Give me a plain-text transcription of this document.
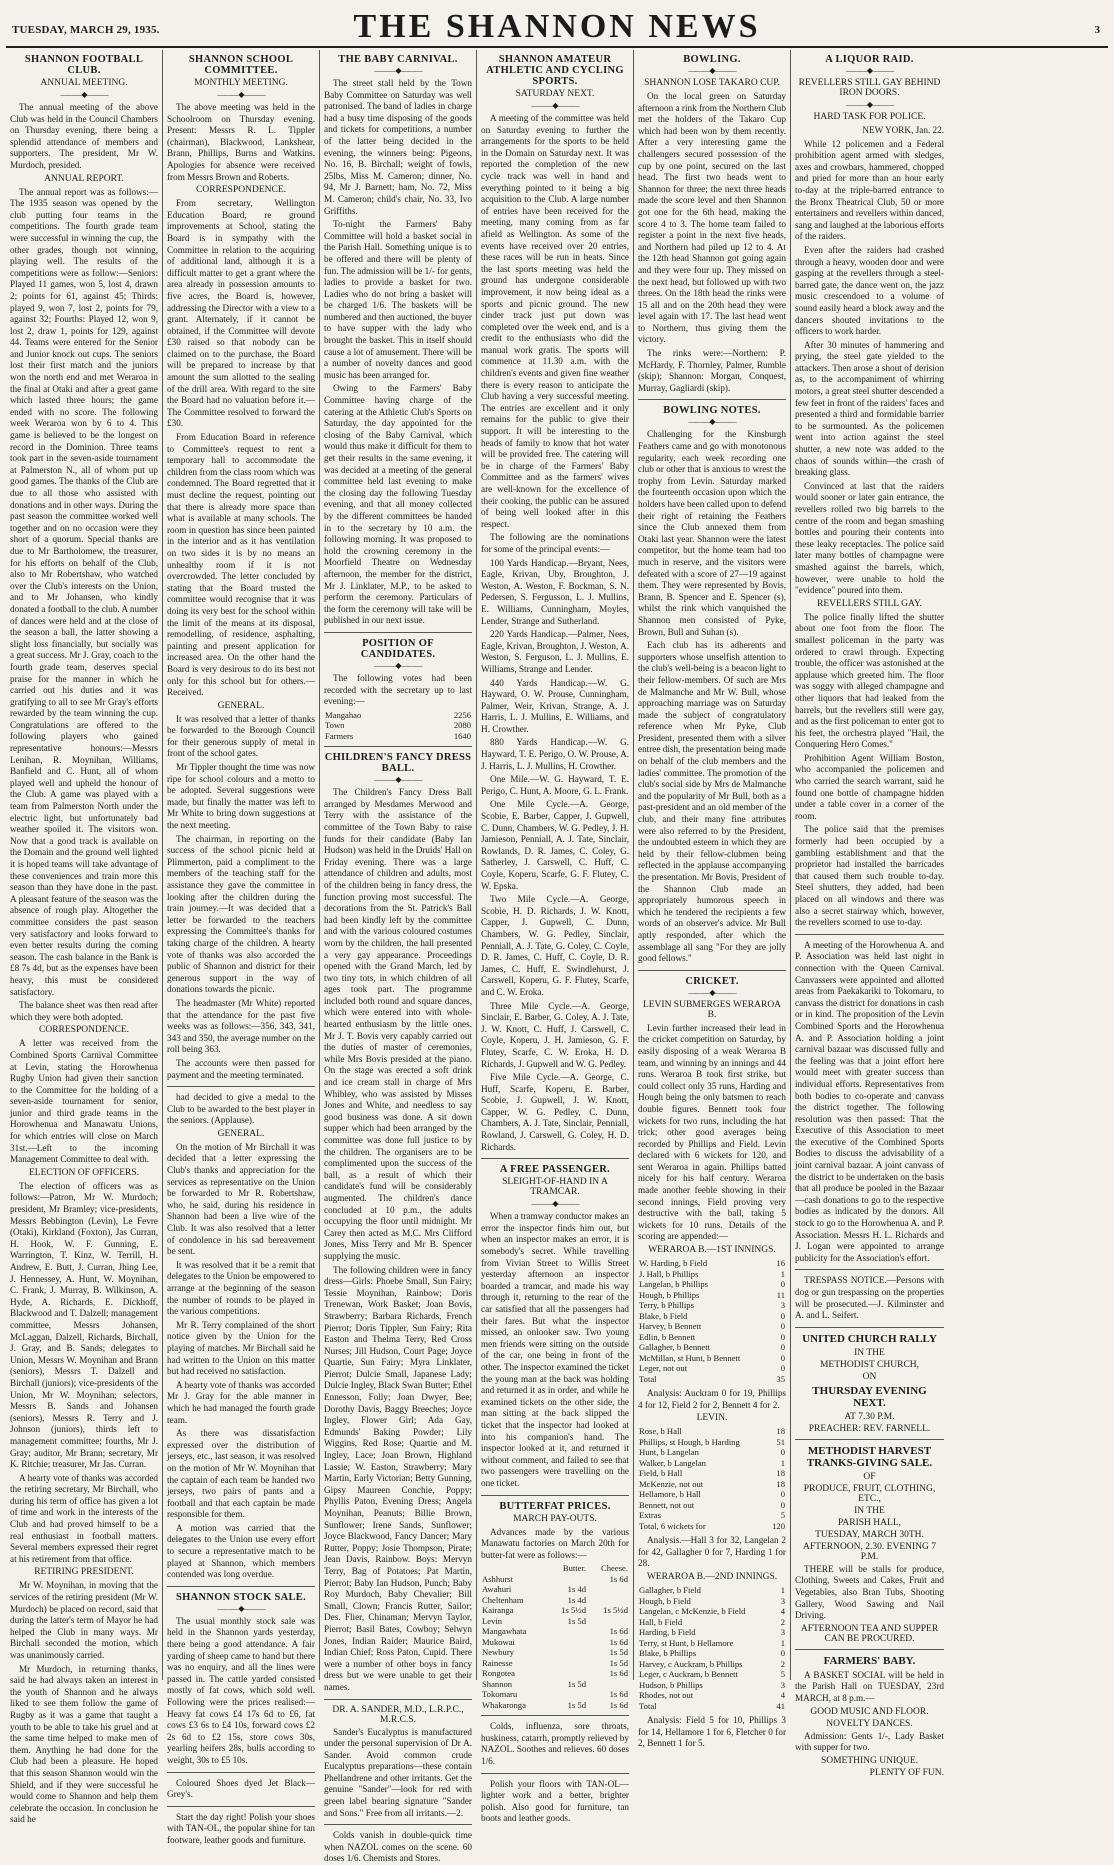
TUESDAY, MARCH 29, 1935.	THE SHANNON NEWS	3
SHANNON FOOTBALL CLUB.
ANNUAL MEETING.
———◆———

The annual meeting of the above Club was held in the Council Chambers on Thursday evening, there being a splendid attendance of members and supporters. The president, Mr W. Murdoch, presided.

ANNUAL REPORT.

The annual report was as follows:—The 1935 season was opened by the club putting four teams in the competitions. The fourth grade team were successful in winning the cup, the other grades, though not winning, playing well. The results of the competitions were as follow:—Seniors: Played 11 games, won 5, lost 4, drawn 2; points for 61, against 45; Thirds: played 9, won 7, lost 2, points for 79, against 32; Fourths: Played 12, won 9, lost 2, draw 1, points for 129, against 44. Teams were entered for the Senior and Junior knock out cups. The seniors lost their first match and the juniors won the north end and met Weraroa in the final at Otaki and after a great game which lasted three hours; the game ended with no score. The following week Weraroa won by 6 to 4. This game is believed to be the longest on record in the Dominion. Three teams took part in the seven-aside tournament at Palmerston N., all of whom put up good games. The thanks of the Club are due to all those who assisted with donations and in other ways. During the past season the committee worked well together and on no occasion were they short of a quorum. Special thanks are due to Mr Bartholomew, the treasurer, for his efforts on behalf of the Club, also to Mr Robertshaw, who watched over the Club's interests on the Union, and to Mr Johansen, who kindly donated a football to the club. A number of dances were held and at the close of the season a ball, the latter showing a slight loss financially, but socially was a great success. Mr J. Gray, coach to the fourth grade team, deserves special praise for the manner in which he carried out his duties and it was gratifying to all to see Mr Gray's efforts rewarded by the team winning the cup. Congratulations are offered to the following players who gained representative honours:—Messrs Lenihan, R. Moynihan, Williams, Banfield and C. Hunt, all of whom played well and upheld the honour of the Club. A game was played with a team from Palmerston North under the electric light, but unfortunately bad weather spoiled it. The visitors won. Now that a good track is available on the Domain and the ground well lighted it is hoped teams will take advantage of these conveniences and train more this season than they have done in the past. A pleasant feature of the season was the absence of rough play. Altogether the committee considers the past season very satisfactory and looks forward to even better results during the coming season. The cash balance in the Bank is £8 7s 4d, but as the expenses have been heavy, this must be considered satisfactory.

The balance sheet was then read after which they were both adopted.

CORRESPONDENCE.

A letter was received from the Combined Sports Carnival Committee at Levin, stating the Horowhenua Rugby Union had given their sanction to the Committee for the holding of a seven-aside tournament for senior, junior and third grade teams in the Horowhenua and Manawatu Unions, for which entries will close on March 31st.—Left to the incoming Management Committee to deal with.

ELECTION OF OFFICERS.

The election of officers was as follows:—Patron, Mr W. Murdoch; president, Mr Bramley; vice-presidents, Messrs Bebbington (Levin), Le Fevre (Otaki), Kirkland (Foxton), Jas Curran, H. Hook, W. F. Gunning, E. Warrington, T. Kinz, W. Terrill, H. Andrew, E. Butt, J. Curran, Jhing Lee, J. Hennessey, A. Hunt, W. Moynihan, C. Frank, J. Murray, B. Wilkinson, A. Hyde, A. Richards, E. Dickhoff, Blackwood and T. Dalzell; management committee, Messrs Johansen, McLaggan, Dalzell, Richards, Birchall, J. Gray, and B. Sands; delegates to Union, Messrs W. Moynihan and Brann (seniors), Messrs T. Dalzell and Birchall (juniors); vice-presidents of the Union, Mr W. Moynihan; selectors, Messrs B. Sands and Johansen (seniors), Messrs R. Terry and J. Johnson (juniors), thirds left to management committee; fourths, Mr J. Gray; auditor, Mr Brann; secretary, Mr K. Ritchie; treasurer, Mr Jas. Curran.

A hearty vote of thanks was accorded the retiring secretary, Mr Birchall, who during his term of office has given a lot of time and work in the interests of the Club and had proved himself to be a real enthusiast in football matters. Several members expressed their regret at his retirement from that office.

RETIRING PRESIDENT.

Mr W. Moynihan, in moving that the services of the retiring president (Mr W. Murdoch) be placed on record, said that during the latter's term of Mayor he had helped the Club in many ways. Mr Birchall seconded the motion, which was unanimously carried.

Mr Murdoch, in returning thanks, said he had always taken an interest in the youth of Shannon and he always liked to see them follow the game of Rugby as it was a game that taught a youth to be able to take his gruel and at the same time helped to make men of them. Anything he had done for the Club had been a pleasure. He hoped that this season Shannon would win the Shield, and if they were successful he would come to Shannon and help them celebrate the occasion. In conclusion he said he

SHANNON SCHOOL COMMITTEE.
MONTHLY MEETING.
———◆———

The above meeting was held in the Schoolroom on Thursday evening. Present: Messrs R. L. Tippler (chairman), Blackwood, Lankshear, Brann, Phillips, Burns and Watkins. Apologies for absence were received from Messrs Brown and Roberts.

CORRESPONDENCE.

From secretary, Wellington Education Board, re ground improvements at School, stating the Board is in sympathy with the Committee in relation to the acquiring of additional land, although it is a difficult matter to get a grant where the area already in possession amounts to five acres, the Board is, however, addressing the Director with a view to a grant. Alternately, if it cannot be obtained, if the Committee will devote £30 raised so that nobody can be claimed on to the purchase, the Board will be prepared to increase by that amount the sum allotted to the sealing of the drill area. With regard to the site the Board had no valuation before it.—The Committee resolved to forward the £30.

From Education Board in reference to Committee's request to rent a temporary hall to accommodate the children from the class room which was condemned. The Board regretted that it must decline the request, pointing out that there is already more space than what is available at many schools. The room in question has since been painted in the interior and as it has ventilation on two sides it is by no means an unhealthy room if it is not overcrowded. The letter concluded by stating that the Board trusted the committee would recognise that it was doing its very best for the school within the limit of the means at its disposal, remodelling, of residence, asphalting, painting and present application for increased area. On the other hand the Board is very desirous to do its best not only for this school but for others.—Received.

GENERAL.

It was resolved that a letter of thanks be forwarded to the Borough Council for their generous supply of metal in front of the school gates.

Mr Tippler thought the time was now ripe for school colours and a motto to be adopted. Several suggestions were made, but finally the matter was left to Mr White to bring down suggestions at the next meeting.

The chairman, in reporting on the success of the school picnic held at Plimmerton, paid a compliment to the members of the teaching staff for the assistance they gave the committee in looking after the children during the train journey.—It was decided that a letter be forwarded to the teachers expressing the Committee's thanks for taking charge of the children. A hearty vote of thanks was also accorded the public of Shannon and district for their generous support in the way of donations towards the picnic.

The headmaster (Mr White) reported that the attendance for the past five weeks was as follows:—356, 343, 341, 343 and 350, the average number on the roll being 363.

The accounts were then passed for payment and the meeting terminated.

had decided to give a medal to the Club to be awarded to the best player in the seniors. (Applause).

GENERAL.

On the motion of Mr Birchall it was decided that a letter expressing the Club's thanks and appreciation for the services as representative on the Union be forwarded to Mr R. Robertshaw, who, he said, during his residence in Shannon had been a live wire of the Club. It was also resolved that a letter of condolence in his sad bereavement be sent.

It was resolved that it be a remit that delegates to the Union be empowered to arrange at the beginning of the season the number of rounds to be played in the various competitions.

Mr R. Terry complained of the short notice given by the Union for the playing of matches. Mr Birchall said he had written to the Union on this matter but had received no satisfaction.

A hearty vote of thanks was accorded Mr J. Gray for the able manner in which he had managed the fourth grade team.

As there was dissatisfaction expressed over the distribution of jerseys, etc., last season, it was resolved on the motion of Mr W. Moynihan that the captain of each team be handed two jerseys, two pairs of pants and a football and that each captain be made responsible for them.

A motion was carried that the delegates to the Union use every effort to secure a representative match to be played at Shannon, which members contended was long overdue.

SHANNON STOCK SALE.
———◆———

The usual monthly stock sale was held in the Shannon yards yesterday, there being a good attendance. A fair yarding of sheep came to hand but there was no enquiry, and all the lines were passed in. The cattle yarded consisted mostly of fat cows, which sold well. Following were the prices realised:—Heavy fat cows £4 17s 6d to £6, fat cows £3 6s to £4 10s, forward cows £2 2s 6d to £2 15s, store cows 30s, yearling heifers 28s, bulls according to weight, 30s to £5 10s.

Coloured Shoes dyed Jet Black—Grey's.

Start the day right! Polish your shoes with TAN-OL, the popular shine for tan footware, leather goods and furniture.

THE BABY CARNIVAL.
———◆———

The street stall held by the Town Baby Committee on Saturday was well patronised. The band of ladies in charge had a busy time disposing of the goods and tickets for competitions, a number of the latter being decided in the evening, the winners being: Pigeons, No. 16, B. Birchall; weight of fowls, 25lbs, Miss M. Cameron; dinner, No. 94, Mr J. Barnett; ham, No. 72, Miss M. Cameron; child's chair, No. 33, Ivo Griffiths.

To-night the Farmers' Baby Committee will hold a basket social in the Parish Hall. Something unique is to be offered and there will be plenty of fun. The admission will be 1/- for gents, ladies to provide a basket for two. Ladies who do not bring a basket will be charged 1/6. The baskets will be numbered and then auctioned, the buyer to have supper with the lady who brought the basket. This in itself should cause a lot of amusement. There will be a number of novelty dances and good music has been arranged for.

Owing to the Farmers' Baby Committee having charge of the catering at the Athletic Club's Sports on Saturday, the day appointed for the closing of the Baby Carnival, which would thus make it difficult for them to get their results in the same evening, it was decided at a meeting of the general committee held last evening to make the closing day the following Tuesday evening, and that all money collected by the different committees be handed in to the secretary by 10 a.m. the following morning. It was proposed to hold the crowning ceremony in the Moorfield Theatre on Wednesday afternoon, the member for the district, Mr J. Linklater, M.P., to be asked to perform the ceremony. Particulars of the form the ceremony will take will be published in our next issue.

POSITION OF CANDIDATES.
———◆———

The following votes had been recorded with the secretary up to last evening:—

Mangahao	2256
Town	2080
Farmers	1640
CHILDREN'S FANCY DRESS BALL.
———◆———

The Children's Fancy Dress Ball arranged by Mesdames Merwood and Terry with the assistance of the committee of the Town Baby to raise funds for their candidate (Baby Ian Hudson) was held in the Druids' Hall on Friday evening. There was a large attendance of children and adults, most of the children being in fancy dress, the function proving most successful. The decorations from the St. Patrick's Ball had been kindly left by the committee and with the various coloured costumes worn by the children, the hall presented a very gay appearance. Proceedings opened with the Grand March, led by two tiny tots, in which children of all ages took part. The programme included both round and square dances, which were entered into with whole-hearted enthusiasm by the little ones. Mr J. T. Bovis very capably carried out the duties of master of ceremonies, while Mrs Bovis presided at the piano. On the stage was erected a soft drink and ice cream stall in charge of Mrs Whibley, who was assisted by Misses Jones and White, and needless to say good business was done. A sit down supper which had been arranged by the committee was done full justice to by the children. The organisers are to be complimented upon the success of the ball, as a result of which their candidate's fund will be considerably augmented. The children's dance concluded at 10 p.m., the adults occupying the floor until midnight. Mr Carey then acted as M.C. Mrs Clifford Jones, Miss Terry and Mr B. Spencer supplying the music.

The following children were in fancy dress—Girls: Phoebe Small, Sun Fairy; Tessie Moynihan, Rainbow; Doris Trenewan, Work Basket; Joan Bovis, Strawberry; Barbara Richards, French Pierrot; Doris Tippler, Sun Fairy; Rita Easton and Thelma Terry, Red Cross Nurses; Jill Hudson, Court Page; Joyce Quartie, Sun Fairy; Myra Linklater, Pierrot; Dulcie Small, Japanese Lady; Dulcie Ingley, Black Swan Butter; Ethel Ennesson, Folly; Joan Dwyer, Bee; Dorothy Davis, Baggy Breeches; Joyce Ingley, Flower Girl; Ada Gay, Edmunds' Baking Powder; Lily Wiggins, Red Rose; Quartie and M. Ingley, Lace; Joan Brown, Highland Lassie; W. Easton, Strawberry; Mary Martin, Early Victorian; Betty Gunning, Gipsy Maureen Conchie, Poppy; Phyllis Paton, Evening Dress; Angela Moynihan, Peanuts; Billie Brown, Sunflower; Irene Sands, Sunflower; Joyce Blackwood, Fancy Dancer; Mary Rutter, Poppy; Josie Thompson, Pirate; Jean Davis, Rainbow. Boys: Mervyn Terry, Bag of Potatoes; Pat Martin, Pierrot; Baby Ian Hudson, Punch; Baby Roy Murdoch, Baby Chevalier; Bill Small, Clown; Francis Rutter, Sailor; Des. Flier, Chinaman; Mervyn Taylor, Pierrot; Basil Bates, Cowboy; Selwyn Jones, Indian Raider; Maurice Baird, Indian Chief; Ross Paton, Cupid. There were a number of other boys in fancy dress but we were unable to get their names.

DR. A. SANDER, M.D., L.R.P.C., M.R.C.S.

Sander's Eucalyptus is manufactured under the personal supervision of Dr A. Sander. Avoid common crude Eucalyptus preparations—these contain Phellandrene and other irritants. Get the genuine "Sander"—look for red with green label bearing signature "Sander and Sons." Free from all irritants.—2.

Colds vanish in double-quick time when NAZOL comes on the scene. 60 doses 1/6. Chemists and Stores.

SHANNON AMATEUR ATHLETIC AND CYCLING SPORTS.
SATURDAY NEXT.
———◆———

A meeting of the committee was held on Saturday evening to further the arrangements for the sports to be held in the Domain on Saturday next. It was reported the completion of the new cycle track was well in hand and everything pointed to it being a big acquisition to the Club. A large number of entries have been received for the meeting, many coming from as far afield as Wellington. As some of the events have received over 20 entries, these races will be run in heats. Since the last sports meeting was held the ground has undergone considerable improvement, it now being ideal as a sports and picnic ground. The new cinder track just put down was completed over the week end, and is a credit to the enthusiasts who did the manual work gratis. The sports will commence at 11.30 a.m. with the children's events and given fine weather there is every reason to anticipate the Club having a very successful meeting. The entries are excellent and it only remains for the public to give their support. It will be interesting to the heads of family to know that hot water will be provided free. The catering will be in charge of the Farmers' Baby Committee and as the farmers' wives are well-known for the excellence of their cooking, the public can be assured of being well looked after in this respect.

The following are the nominations for some of the principal events:—

100 Yards Handicap.—Bryant, Nees, Eagle, Krivan, Uby, Broughton, J. Weston, A. Weston, F. Bockman, S. N. Pedersen, S. Fergusson, L. J. Mullins, E. Williams, Cunningham, Moyles, Lender, Strange and Sutherland.

220 Yards Handicap.—Palmer, Nees, Eagle, Krivan, Broughton, J. Weston, A. Weston, S. Ferguson, L. J. Mullins, E. Williams, Strange and Lender.

440 Yards Handicap.—W. G. Hayward, O. W. Prouse, Cunningham, Palmer, Weir, Krivan, Strange, A. J. Harris, L. J. Mullins, E. Williams, and H. Crowther.

880 Yards Handicap.—W. G. Hayward, T. E. Perigo, O. W. Prouse, A. J. Harris, L. J. Mullins, H. Crowther.

One Mile.—W. G. Hayward, T. E. Perigo, C. Hunt, A. Moore, G. L. Frank.

One Mile Cycle.—A. George, Scobie, E. Barber, Capper, J. Gupwell, C. Dunn, Chambers, W. G. Pedley, J. H. Jamieson, Penniall, A. J. Tate, Sinclair, Rowlands, D. R. James, C. Coley, G. Satherley, J. Carswell, C. Huff, C. Coyle, Koperu, Scarfe, G. F. Flutey, C. W. Epska.

Two Mile Cycle.—A. George, Scobie, H. D. Richards, J. W. Knott, Capper, J. Gupwell, C. Dunn, Chambers, W. G. Pedley, Sinclair, Penniall, A. J. Tate, G. Coley, C. Coyle, D. R. James, C. Huff, C. Coyle, D. R. James, C. Huff, E. Swindlehurst, J. Carswell, Koperu, G. F. Flutey, Scarfe, and C. W. Eroka.

Three Mile Cycle.—A. George, Sinclair, E. Barber, G. Coley, A. J. Tate, J. W. Knott, C. Huff, J. Carswell, C. Coyle, Koperu, J. H. Jamieson, G. F. Flutey, Scarfe, C. W. Eroka, H. D. Richards, J. Gupwell and W. G. Pedley.

Five Mile Cycle.—A. George, C. Huff, Scarfe, Koperu, E. Barber, Scobie, J. Gupwell, J. W. Knott, Capper, W. G. Pedley, C. Dunn, Chambers, A. J. Tate, Sinclair, Penniall, Rowland, J. Carswell, G. Coley, H. D. Richards.

A FREE PASSENGER.
SLEIGHT-OF-HAND IN A TRAMCAR.
———◆———

When a tramway conductor makes an error the inspector finds him out, but when an inspector makes an error, it is somebody's secret. While travelling from Vivian Street to Willis Street yesterday afternoon an inspector boarded a tramcar, and made his way through it, returning to the rear of the car satisfied that all the passengers had their fares. But what the inspector missed, an onlooker saw. Two young men friends were sitting on the outside of the car, one being in front of the other. The inspector examined the ticket the young man at the back was holding and returned it as in order, and while he examined tickets on the other side, the man sitting at the back slipped the ticket that the inspector had looked at into his companion's hand. The inspector looked at it, and returned it without comment, and failed to see that two passengers were travelling on the one ticket.

BUTTERFAT PRICES.
MARCH PAY-OUTS.

Advances made by the various Manawatu factories on March 20th for butter-fat were as follows:—

	Butter.	Cheese.
Ashhurst		1s 6d
Awahuri	1s 4d	
Cheltenham	1s 4d	
Kairanga	1s 5½d	1s 5½d
Levin	1s 5d	
Mangawhata		1s 6d
Mukowai		1s 6d
Newbury		1s 5d
Rainesse		1s 5d
Rongotea		1s 6d
Shannon	1s 5d	
Tokomaru		1s 6d
Whakaronga	1s 5d	1s 6d

Colds, influenza, sore throats, huskiness, catarrh, promptly relieved by NAZOL. Soothes and relieves. 60 doses 1/6.

Polish your floors with TAN-OL—lighter work and a better, brighter polish. Also good for furniture, tan boots and leather goods.

BOWLING.
———◆———
SHANNON LOSE TAKARO CUP.

On the local green on Saturday afternoon a rink from the Northern Club met the holders of the Takaro Cup which had been won by them recently. After a very interesting game the challengers secured possession of the cup by one point, secured on the last head. The first two heads went to Shannon for three; the next three heads made the score level and then Shannon got one for the 6th head, making the score 4 to 3. The home team failed to register a point in the next five heads, and Northern had piled up 12 to 4. At the 12th head Shannon got going again and they were four up. They missed on the next head, but followed up with two threes. On the 18th head the rinks were 15 all and on the 20th head they were level again with 17. The last head went to Northern, thus giving them the victory.

The rinks were:—Northern: P. McHardy, F. Thornley, Palmer, Rumble (skip); Shannon: Morgan, Conquest, Murray, Gagliardi (skip).

BOWLING NOTES.
———◆———

Challenging for the Kinsburgh Feathers came and go with monotonous regularity, each week recording one club or other that is anxious to wrest the trophy from Levin. Saturday marked the fourteenth occasion upon which the holders have been called upon to defend their right of retaining the Feathers since the Club annexed them from Otaki last year. Shannon were the latest competitor, but the home team had too much in reserve, and the visitors were defeated with a score of 27—19 against them. They were represented by Bovis, Brann, B. Spencer and E. Spencer (s), whilst the rink which vanquished the Shannon men consisted of Pyke, Brown, Bull and Suhan (s).

Each club has its adherents and supporters whose unselfish attention to the club's well-being is a beacon light to their fellow-members. Of such are Mrs de Malmanche and Mr W. Bull, whose approaching marriage was on Saturday made the subject of congratulatory reference when Mr Pyke, Club President, presented them with a silver entree dish, the presentation being made on behalf of the club members and the ladies' committee. The promotion of the club's social side by Mrs de Malmanche and the popularity of Mr Bull, both as a past-president and an old member of the club, and their many fine attributes were also referred to by the President, the undoubted esteem in which they are held by their fellow-clubmen being reflected in the applause accompanying the presentation. Mr Bovis, President of the Shannon Club made an appropriately humorous speech in which he tendered the recipients a few words of an observer's advice. Mr Bull aptly responded, after which the assemblage all sang "For they are jolly good fellows."

CRICKET.
———◆———
LEVIN SUBMERGES WERAROA B.

Levin further increased their lead in the cricket competition on Saturday, by easily disposing of a weak Weraroa B team, and winning by an innings and 44 runs. Weraroa B took first strike, but could collect only 35 runs, Harding and Hough being the only batsmen to reach double figures. Bennett took four wickets for two runs, including the hat trick; other good averages being recorded by Phillips and Field. Levin declared with 6 wickets for 120, and sent Weraroa in again. Phillips batted nicely for his half century. Weraroa made another feeble showing in their second innings, Field proving very destructive with the ball, taking 5 wickets for 10 runs. Details of the scoring are appended:—

WERAROA B.—1ST INNINGS.
W. Harding, b Field	16
J. Hall, b Phillips	1
Langelan, b Phillips	0
Hough, b Phillips	11
Terry, b Phillips	3
Blake, b Field	0
Harvey, b Bennett	0
Edlin, b Bennett	0
Gallagher, b Bennett	0
McMillan, st Hunt, b Bennett	0
Leger, not out	0
Total	35

Analysis: Auckram 0 for 19, Phillips 4 for 12, Field 2 for 2, Bennett 4 for 2.

LEVIN.
Rose, b Hall	18
Phillips, st Hough, b Harding	51
Hunt, b Langelan	0
Walker, b Langelan	1
Field, b Hall	18
McKenzie, not out	18
Hellamore, b Hall	0
Bennett, not out	0
Extras	5
Total, 6 wickets for	120

Analysis.—Hall 3 for 32, Langelan 2 for 42, Gallagher 0 for 7, Harding 1 for 28.

WERAROA B.—2ND INNINGS.
Gallagher, b Field	1
Hough, b Field	3
Langelan, c McKenzie, b Field	4
Hall, b Field	2
Harding, b Field	3
Terry, st Hunt, b Hellamore	1
Blake, b Phillips	0
Harvey, c Auckram, b Phillips	2
Leger, c Auckram, b Bennett	5
Hudson, b Phillips	3
Rhodes, not out	4
Total	41

Analysis: Field 5 for 10, Phillips 3 for 14, Hellamore 1 for 6, Fletcher 0 for 2, Bennett 1 for 5.

A LIQUOR RAID.
———◆———
REVELLERS STILL GAY BEHIND IRON DOORS.
———◆———
HARD TASK FOR POLICE.

NEW YORK, Jan. 22.

While 12 policemen and a Federal prohibition agent armed with sledges, axes and crowbars, hammered, chopped and pried for more than an hour early to-day at the triple-barred entrance to the Bronx Theatrical Club, 50 or more entertainers and revellers within danced, sang and laughed at the laborious efforts of the raiders.

Even after the raiders had crashed through a heavy, wooden door and were gasping at the revellers through a steel-barred gate, the dance went on, the jazz music crescendoed to a volume of sound easily heard a block away and the dancers shouted invitations to the officers to work harder.

After 30 minutes of hammering and prying, the steel gate yielded to the attackers. Then arose a shout of derision as, to the accompaniment of whirring motors, a great steel shutter descended a few feet in front of the raiders' faces and presented a third and formidable barrier to be surmounted. As the policemen went into action against the steel shutter, a new note was added to the chaos of sounds within—the crash of breaking glass.

Convinced at last that the raiders would sooner or later gain entrance, the revellers rolled two big barrels to the centre of the room and began smashing bottles and pouring their contents into these leaky receptacles. The police said later many bottles of champagne were smashed against the barrels, which, however, were unable to hold the "evidence" poured into them.

REVELLERS STILL GAY.

The police finally lifted the shutter about one foot from the floor. The smallest policeman in the party was ordered to crawl through. Expecting trouble, the officer was astonished at the applause which greeted him. The floor was soggy with alleged champagne and other liquors that had leaked from the barrels, but the revellers still were gay, and as the first policeman to enter got to his feet, the orchestra played "Hail, the Conquering Hero Comes."

Prohibition Agent William Boston, who accompanied the policemen and who carried the search warrant, said he found one bottle of champagne hidden under a table cover in a corner of the room.

The police said that the premises formerly had been occupied by a gambling establishment and that the proprietor had installed the barricades that caused them such trouble to-day. Steel shutters, they added, had been placed on all windows and there was also a secret stairway which, however, the revellers scorned to use to-day.

A meeting of the Horowhenua A. and P. Association was held last night in connection with the Queen Carnival. Canvassers were appointed and allotted areas from Paekakariki to Tokomaru, to canvass the district for donations in cash or in kind. The proposition of the Levin Combined Sports and the Horowhenua A. and P. Association holding a joint carnival bazaar was discussed fully and the feeling was that a joint effort here would meet with greater success than individual efforts. Representatives from both bodies to co-operate and canvass the district together. The following resolution was then passed: That the Executive of this Association to meet the executive of the Combined Sports Bodies to discuss the advisability of a joint carnival bazaar. A joint canvass of the district to be undertaken on the basis that all produce be pooled in the Bazaar—cash donations to go to the respective bodies as indicated by the donors. All stock to go to the Horowhenua A. and P. Association. Messrs H. L. Richards and J. Logan were appointed to arrange publicity for the Association's effort.

TRESPASS NOTICE.—Persons with dog or gun trespassing on the properties will be prosecuted.—J. Kilminster and A. and L. Seifert.

UNITED CHURCH RALLY
IN THE
METHODIST CHURCH,
ON
THURSDAY EVENING NEXT.
AT 7.30 P.M.
PREACHER: REV. FARNELL.
METHODIST HARVEST TRANKS-GIVING SALE.
OF
PRODUCE, FRUIT, CLOTHING, ETC.,
IN THE
PARISH HALL,
TUESDAY, MARCH 30TH.
AFTERNOON, 2.30. EVENING 7 P.M.

THERE will be stalls for produce, Clothing, Sweets and Cakes, Fruit and Vegetables, also Bran Tubs, Shooting Gallery, Wood Sawing and Nail Driving.

AFTERNOON TEA AND SUPPER CAN BE PROCURED.
FARMERS' BABY.

A BASKET SOCIAL will be held in the Parish Hall on TUESDAY, 23rd MARCH, at 8 p.m.—

GOOD MUSIC AND FLOOR.
NOVELTY DANCES.

Admission: Gents 1/-, Lady Basket with supper for two.

SOMETHING UNIQUE.
PLENTY OF FUN.
